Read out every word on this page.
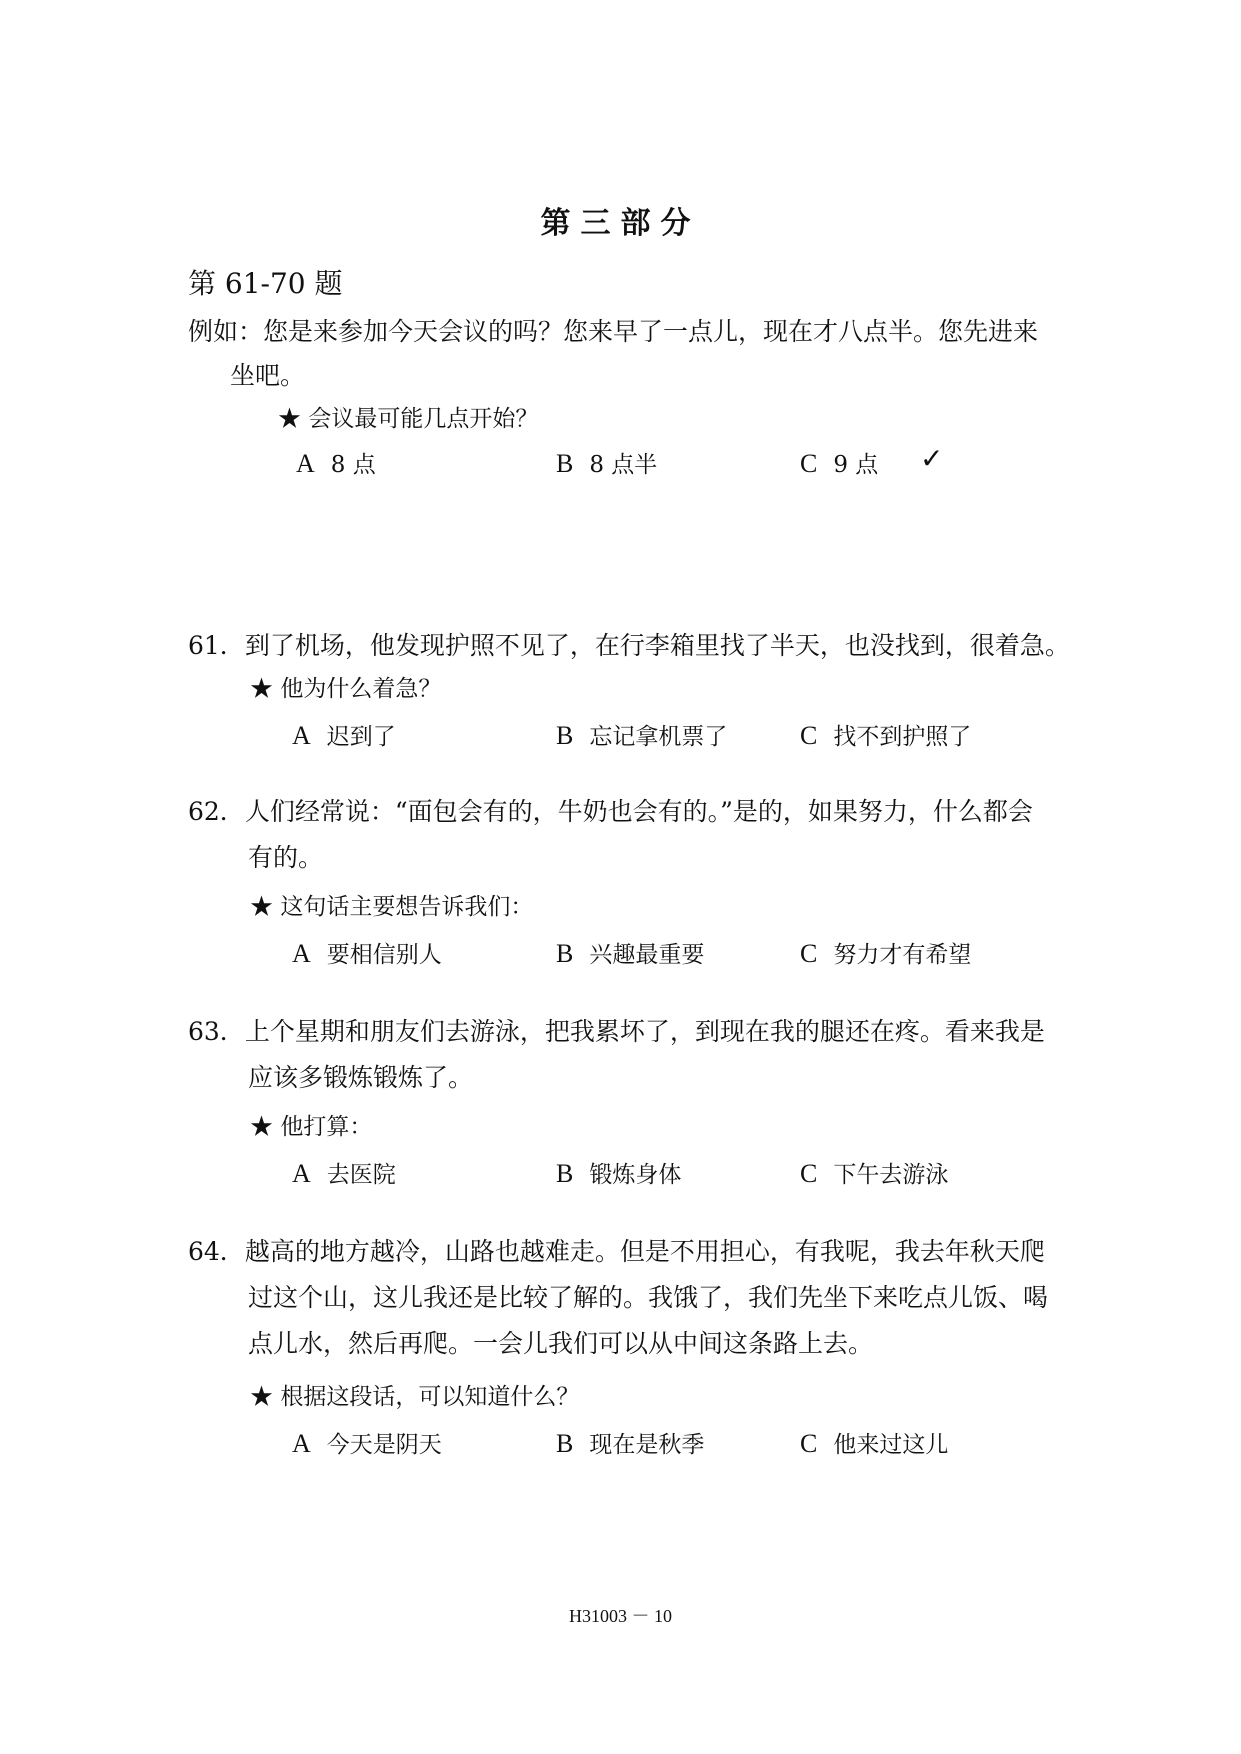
第三部分
第 61-70 题
例如：您是来参加今天会议的吗？您来早了一点儿，现在才八点半。您先进来
坐吧。
★ 会议最可能几点开始？
A 8 点	B 8 点半	C 9 点 ✓
61．到了机场，他发现护照不见了，在行李箱里找了半天，也没找到，很着急。
★ 他为什么着急？
A 迟到了	B 忘记拿机票了	C 找不到护照了
62．人们经常说：“面包会有的，牛奶也会有的。”是的，如果努力，什么都会
有的。
★ 这句话主要想告诉我们：
A 要相信别人	B 兴趣最重要	C 努力才有希望
63．上个星期和朋友们去游泳，把我累坏了，到现在我的腿还在疼。看来我是
应该多锻炼锻炼了。
★ 他打算：
A 去医院	B 锻炼身体	C 下午去游泳
64．越高的地方越冷，山路也越难走。但是不用担心，有我呢，我去年秋天爬
过这个山，这儿我还是比较了解的。我饿了，我们先坐下来吃点儿饭、喝
点儿水，然后再爬。一会儿我们可以从中间这条路上去。
★ 根据这段话，可以知道什么？
A 今天是阴天	B 现在是秋季	C 他来过这儿
H31003 － 10
